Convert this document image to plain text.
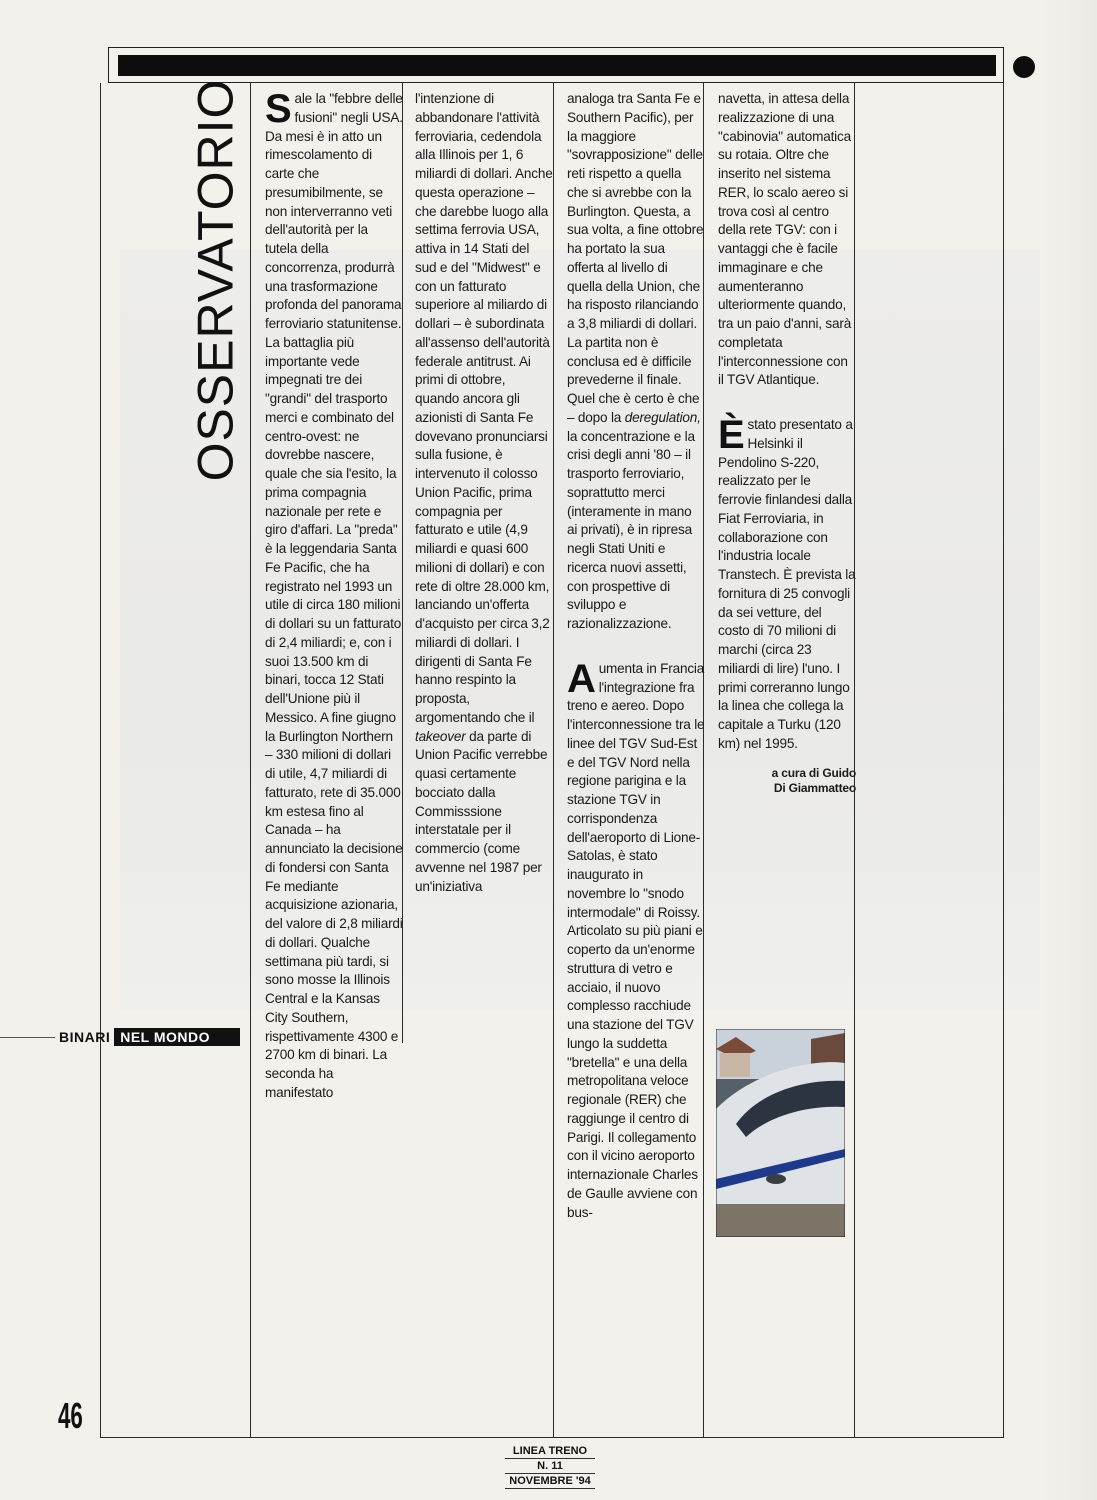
OSSERVATORIO
BINARI NEL MONDO

Sale la "febbre delle fusioni" negli USA. Da mesi è in atto un rimescolamento di carte che presumibilmente, se non interverranno veti dell'autorità per la tutela della concorrenza, produrrà una trasformazione profonda del panorama ferroviario statunitense. La battaglia più importante vede impegnati tre dei "grandi" del trasporto merci e combinato del centro-ovest: ne dovrebbe nascere, quale che sia l'esito, la prima compagnia nazionale per rete e giro d'affari. La "preda" è la leggendaria Santa Fe Pacific, che ha registrato nel 1993 un utile di circa 180 milioni di dollari su un fatturato di 2,4 miliardi; e, con i suoi 13.500 km di binari, tocca 12 Stati dell'Unione più il Messico. A fine giugno la Burlington Northern – 330 milioni di dollari di utile, 4,7 miliardi di fatturato, rete di 35.000 km estesa fino al Canada – ha annunciato la decisione di fondersi con Santa Fe mediante acquisizione azionaria, del valore di 2,8 miliardi di dollari. Qualche settimana più tardi, si sono mosse la Illinois Central e la Kansas City Southern, rispettivamente 4300 e 2700 km di binari. La seconda ha manifestato

l'intenzione di abbandonare l'attività ferroviaria, cedendola alla Illinois per 1, 6 miliardi di dollari. Anche questa operazione – che darebbe luogo alla settima ferrovia USA, attiva in 14 Stati del sud e del "Midwest" e con un fatturato superiore al miliardo di dollari – è subordinata all'assenso dell'autorità federale antitrust. Ai primi di ottobre, quando ancora gli azionisti di Santa Fe dovevano pronunciarsi sulla fusione, è intervenuto il colosso Union Pacific, prima compagnia per fatturato e utile (4,9 miliardi e quasi 600 milioni di dollari) e con rete di oltre 28.000 km, lanciando un'offerta d'acquisto per circa 3,2 miliardi di dollari. I dirigenti di Santa Fe hanno respinto la proposta, argomentando che il takeover da parte di Union Pacific verrebbe quasi certamente bocciato dalla Commisssione interstatale per il commercio (come avvenne nel 1987 per un'iniziativa

analoga tra Santa Fe e Southern Pacific), per la maggiore "sovrapposizione" delle reti rispetto a quella che si avrebbe con la Burlington. Questa, a sua volta, a fine ottobre ha portato la sua offerta al livello di quella della Union, che ha risposto rilanciando a 3,8 miliardi di dollari. La partita non è conclusa ed è difficile prevederne il finale. Quel che è certo è che – dopo la deregulation, la concentrazione e la crisi degli anni '80 – il trasporto ferroviario, soprattutto merci (interamente in mano ai privati), è in ripresa negli Stati Uniti e ricerca nuovi assetti, con prospettive di sviluppo e razionalizzazione.

Aumenta in Francia l'integrazione fra treno e aereo. Dopo l'interconnessione tra le linee del TGV Sud-Est e del TGV Nord nella regione parigina e la stazione TGV in corrispondenza dell'aeroporto di Lione-Satolas, è stato inaugurato in novembre lo "snodo intermodale" di Roissy. Articolato su più piani e coperto da un'enorme struttura di vetro e acciaio, il nuovo complesso racchiude una stazione del TGV lungo la suddetta "bretella" e una della metropolitana veloce regionale (RER) che raggiunge il centro di Parigi. Il collegamento con il vicino aeroporto internazionale Charles de Gaulle avviene con bus-

navetta, in attesa della realizzazione di una "cabinovia" automatica su rotaia. Oltre che inserito nel sistema RER, lo scalo aereo si trova così al centro della rete TGV: con i vantaggi che è facile immaginare e che aumenteranno ulteriormente quando, tra un paio d'anni, sarà completata l'interconnessione con il TGV Atlantique.

Èstato presentato a Helsinki il Pendolino S-220, realizzato per le ferrovie finlandesi dalla Fiat Ferroviaria, in collaborazione con l'industria locale Transtech. È prevista la fornitura di 25 convogli da sei vetture, del costo di 70 milioni di marchi (circa 23 miliardi di lire) l'uno. I primi correranno lungo la linea che collega la capitale a Turku (120 km) nel 1995.

a cura di Guido
Di Giammatteo

46
LINEA TRENO
N. 11
NOVEMBRE '94
